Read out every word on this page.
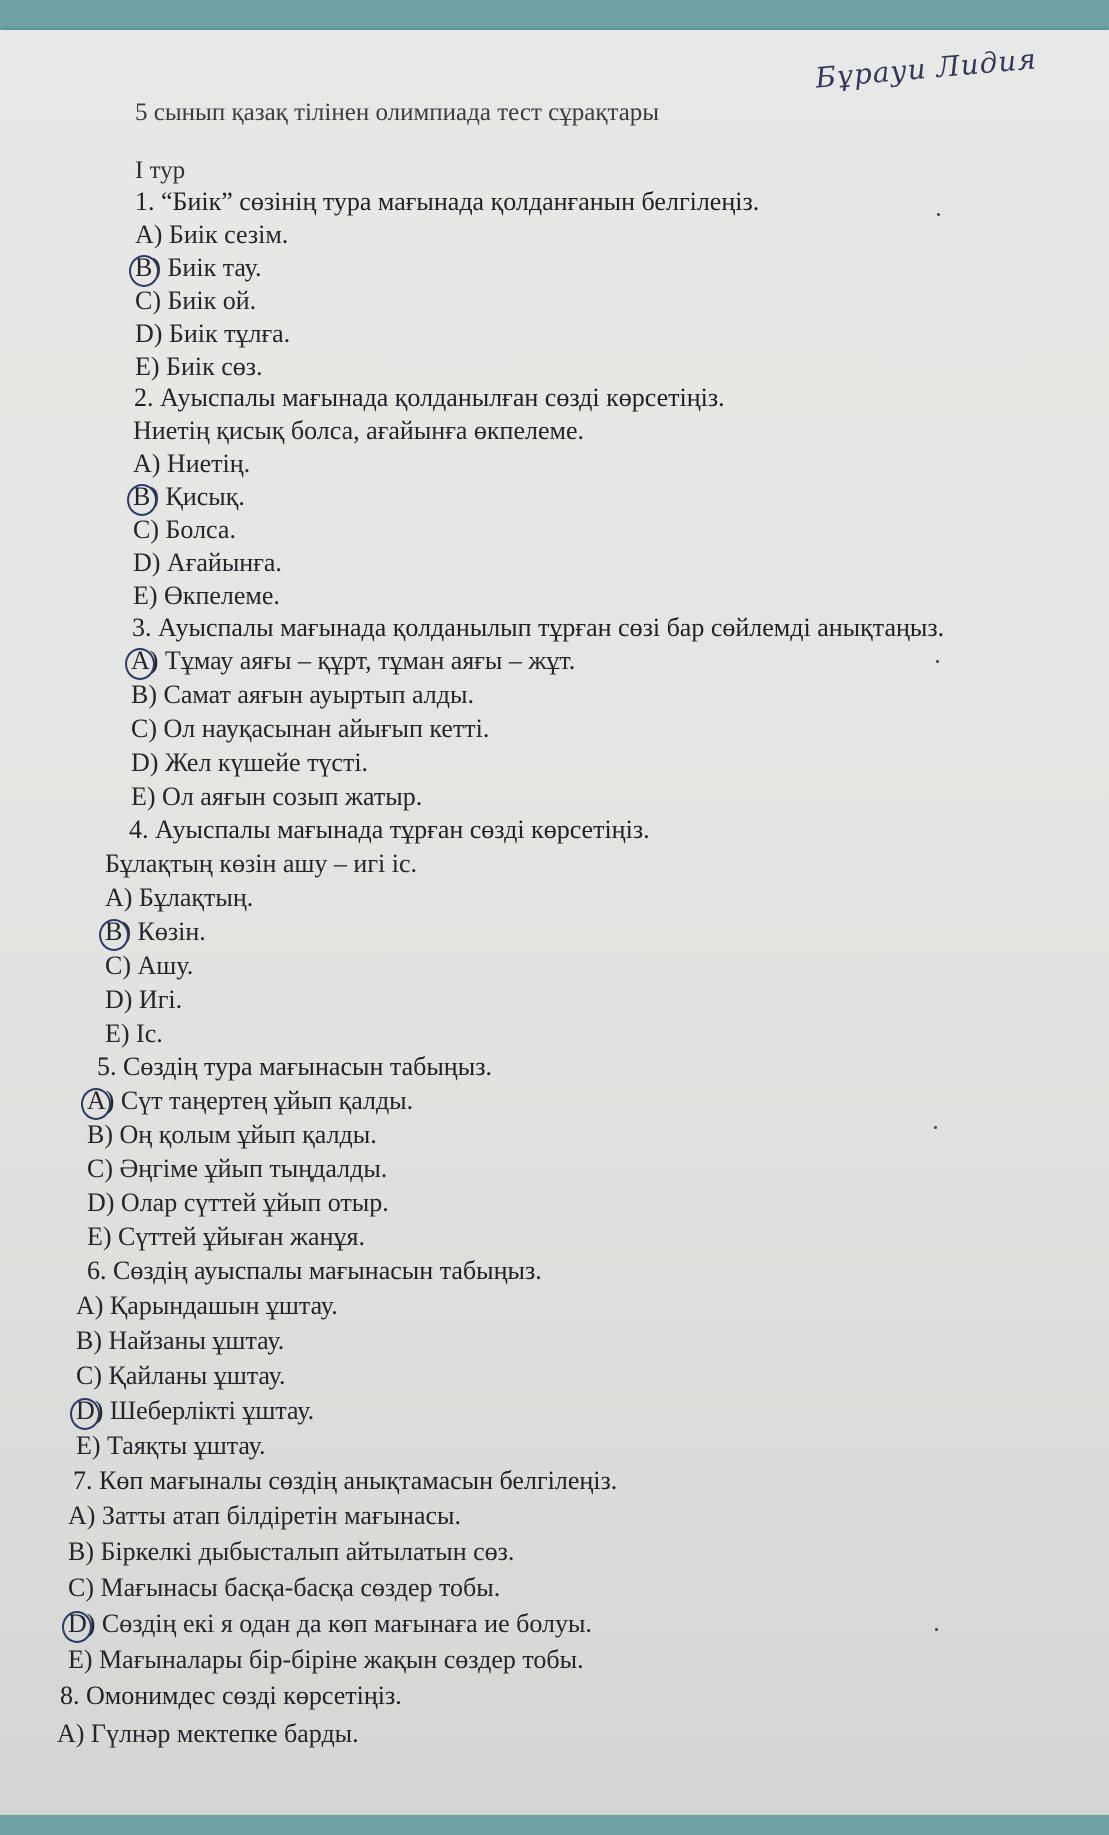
Бұрауи Лидия
5 сынып қазақ тілінен олимпиада тест сұрақтары
I тур
1. “Биік” сөзінің тура мағынада қолданғанын белгілеңіз.
A) Биік сезім.
B) Биік тау.
C) Биік ой.
D) Биік тұлға.
E) Биік сөз.
2. Ауыспалы мағынада қолданылған сөзді көрсетіңіз.
Ниетің қисық болса, ағайынға өкпелеме.
A) Ниетің.
B) Қисық.
C) Болса.
D) Ағайынға.
E) Өкпелеме.
3. Ауыспалы мағынада қолданылып тұрған сөзі бар сөйлемді анықтаңыз.
A) Тұмау аяғы – құрт, тұман аяғы – жұт.
B) Самат аяғын ауыртып алды.
C) Ол науқасынан айығып кетті.
D) Жел күшейе түсті.
E) Ол аяғын созып жатыр.
4. Ауыспалы мағынада тұрған сөзді көрсетіңіз.
Бұлақтың көзін ашу – игі іс.
A) Бұлақтың.
B) Көзін.
C) Ашу.
D) Игі.
E) Іс.
5. Сөздің тура мағынасын табыңыз.
A) Сүт таңертең ұйып қалды.
B) Оң қолым ұйып қалды.
C) Әңгіме ұйып тыңдалды.
D) Олар сүттей ұйып отыр.
E) Сүттей ұйыған жанұя.
6. Сөздің ауыспалы мағынасын табыңыз.
A) Қарындашын ұштау.
B) Найзаны ұштау.
C) Қайланы ұштау.
D) Шеберлікті ұштау.
E) Таяқты ұштау.
7. Көп мағыналы сөздің анықтамасын белгілеңіз.
A) Затты атап білдіретін мағынасы.
B) Біркелкі дыбысталып айтылатын сөз.
C) Мағынасы басқа-басқа сөздер тобы.
D) Сөздің екі я одан да көп мағынаға ие болуы.
E) Мағыналары бір-біріне жақын сөздер тобы.
8. Омонимдес сөзді көрсетіңіз.
A) Гүлнәр мектепке барды.
